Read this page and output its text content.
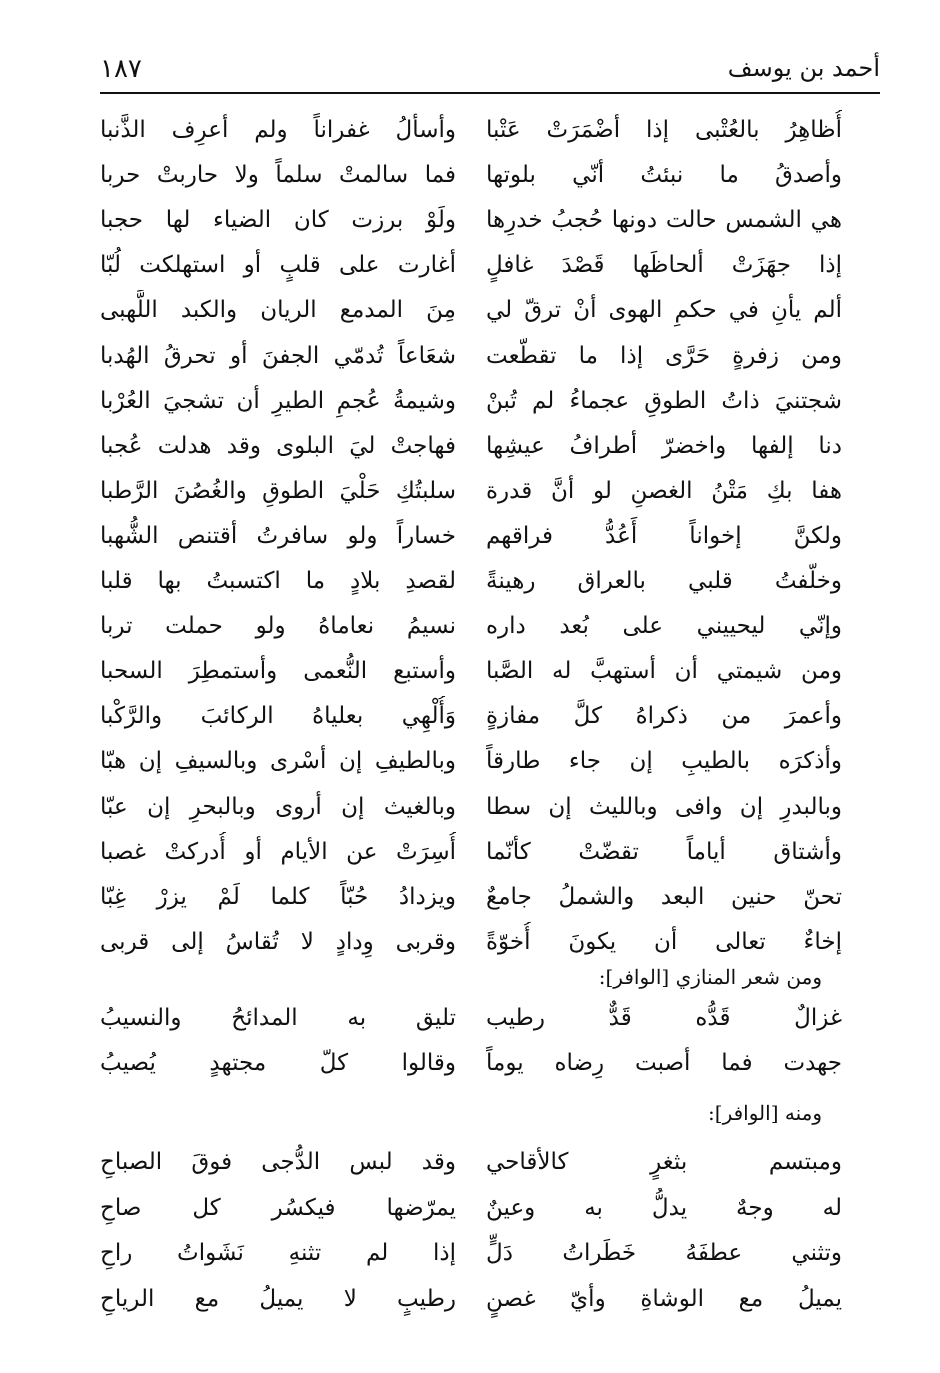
١٨٧	أحمد بن يوسف
أُظاهِرُ بالعُتْبى إذا أضْمَرَتْ عَتْبا
وأسألُ غفراناً ولم أعرِف الذَّنبا
وأصدقُ ما نبئتُ أنّي بلوتها
فما سالمتْ سلماً ولا حاربتْ حربا
هي الشمس حالت دونها حُجبُ خدرِها
ولَوْ برزت كان الضياء لها حجبا
إذا جهَزَتْ ألحاظَها قَصْدَ غافلٍ
أغارت على قلبٍ أو استهلكت لُبّا
ألم يأنِ في حكمِ الهوى أنْ ترقّ لي
مِنَ المدمع الريان والكبد اللَّهبى
ومن زفرةٍ حَرَّى إذا ما تقطّعت
شعَاعاً تُدمّي الجفنَ أو تحرقُ الهُدبا
شجتنيَ ذاتُ الطوقِ عجماءُ لم تُبنْ
وشيمةُ عُجمِ الطيرِ أن تشجيَ العُرْبا
دنا إلفها واخضرّ أطرافُ عيشِها
فهاجتْ ليَ البلوى وقد هدلت عُجبا
هفا بكِ مَتْنُ الغصنِ لو أنَّ قدرة
سلبتُكِ حَلْيَ الطوقِ والغُصُنَ الرَّطبا
ولكنَّ إخواناً أَعُدُّ فراقهم
خساراً ولو سافرتُ أقتنص الشُّهبا
وخلّفتُ قلبي بالعراق رهينةً
لقصدِ بلادٍ ما اكتسبتُ بها قلبا
وإنّي ليحييني على بُعد داره
نسيمُ نعاماهُ ولو حملت تربا
ومن شيمتي أن أستهبَّ له الصَّبا
وأستبع النُّعمى وأستمطِرَ السحبا
وأعمرَ من ذكراهُ كلَّ مفازةٍ
وَأُلْهِي بعلياهُ الركائبَ والرَّكْبا
وأذكرَه بالطيبِ إن جاء طارقاً
وبالطيفِ إن أسْرى وبالسيفِ إن هبّا
وبالبدرِ إن وافى وبالليث إن سطا
وبالغيث إن أروى وبالبحرِ إن عبّا
وأشتاق أياماً تقضّتْ كأنّما
أُسِرَتْ عن الأيام أو أُدركتْ غصبا
تحنّ حنين البعد والشملُ جامعٌ
ويزدادُ حُبّاً كلما لَمْ يزرْ غِبّا
إخاءٌ تعالى أن يكونَ أُخوّةً
وقربى وِدادٍ لا تُقاسُ إلى قربى
ومن شعر المنازي [الوافر]:
غزالٌ قَدُّه قَدٌّ رطيب
تليق به المدائحُ والنسيبُ
جهدت فما أصبت رِضاه يوماً
وقالوا كلّ مجتهدٍ يُصيبُ
ومنه [الوافر]:
ومبتسم بثغرٍ كالأقاحي
وقد لبس الدُّجى فوقَ الصباحِ
له وجهٌ يدلُّ به وعينٌ
يمرّضها فيكسُر كل صاحِ
وتثني عطفَهُ خَطَراتُ دَلٍّ
إذا لم تثنهِ نَشَواتُ راحِ
يميلُ مع الوشاةِ وأيّ غصنٍ
رطيبٍ لا يميلُ مع الرياحِ
